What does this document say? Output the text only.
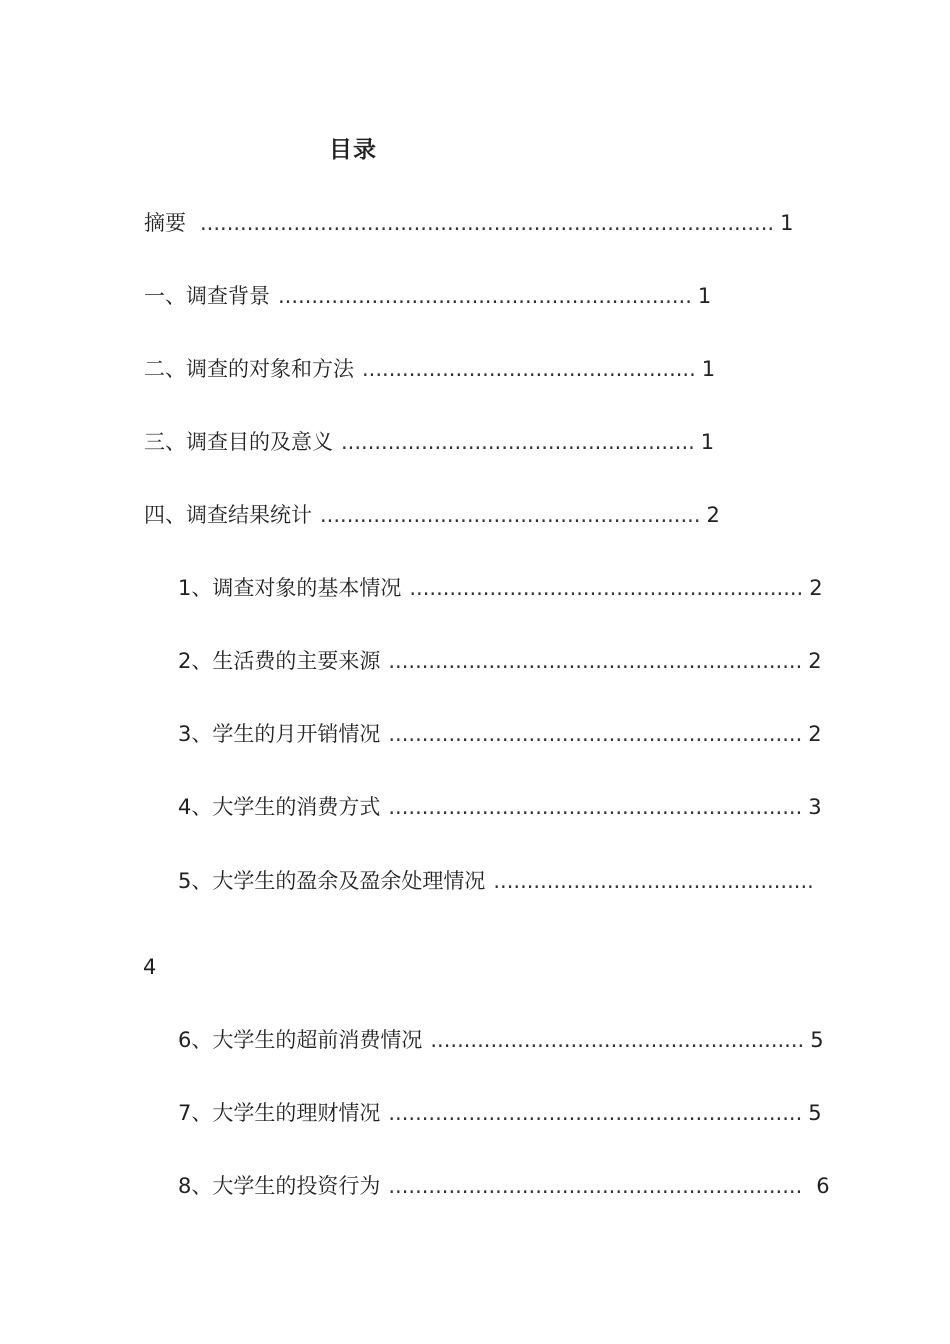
目录
摘要 ...................................................................................... 1
一、调查背景 .............................................................. 1
二、调查的对象和方法 .................................................. 1
三、调查目的及意义 ..................................................... 1
四、调查结果统计 ......................................................... 2
1、调查对象的基本情况 ........................................................... 2
2、生活费的主要来源 .............................................................. 2
3、学生的月开销情况 .............................................................. 2
4、大学生的消费方式 .............................................................. 3
5、大学生的盈余及盈余处理情况 ................................................
4
6、大学生的超前消费情况 ........................................................ 5
7、大学生的理财情况 .............................................................. 5
8、大学生的投资行为 .............................................................. 6
